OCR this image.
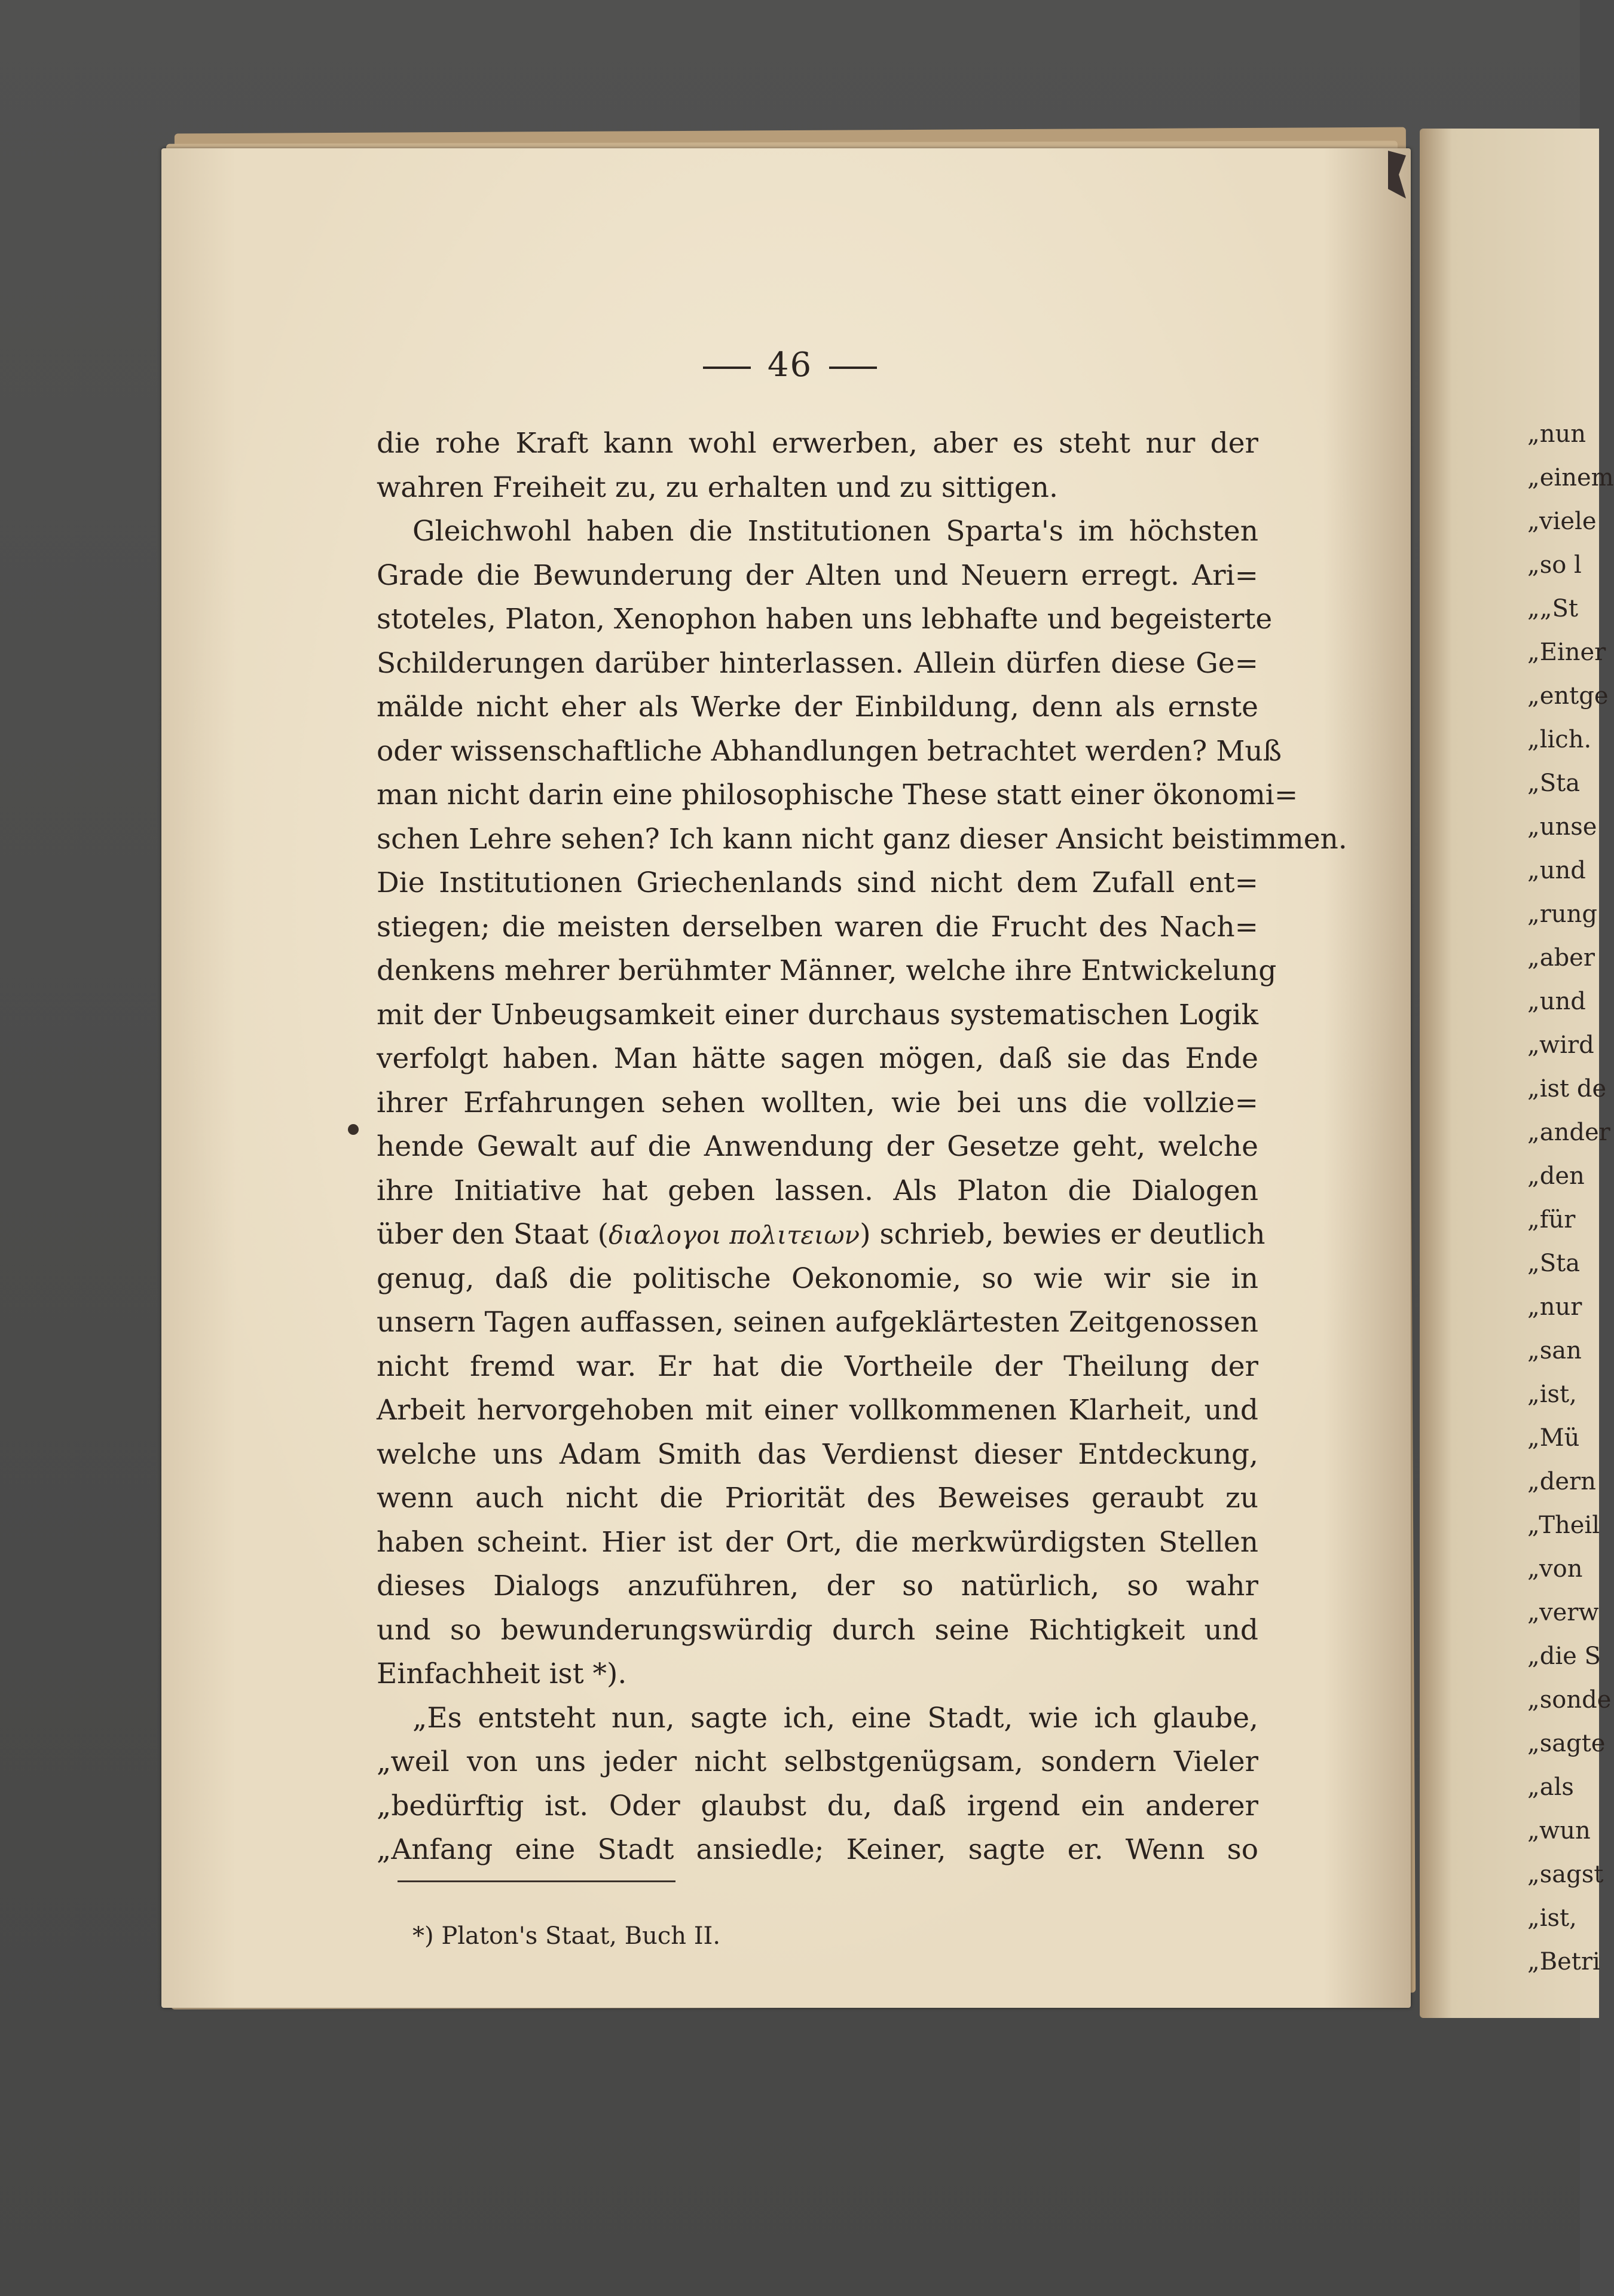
„nun
„einem
„viele
„so l
„„St
„Einer
„entge
„lich.
„Sta
„unse
„und
„rung
„aber
„und
„wird
„ist de
„ander
„den
„für
„Sta
„nur
„san
„ist,
„Mü
„dern
„Theil
„von
„verw
„die S
„sonde
„sagte
„als
„wun
„sagst
„ist,
„Betri
46
die rohe Kraft kann wohl erwerben, aber es steht nur der
wahren Freiheit zu, zu erhalten und zu sittigen.
Gleichwohl haben die Institutionen Sparta's im höchsten
Grade die Bewunderung der Alten und Neuern erregt. Ari=
stoteles, Platon, Xenophon haben uns lebhafte und begeisterte
Schilderungen darüber hinterlassen. Allein dürfen diese Ge=
mälde nicht eher als Werke der Einbildung, denn als ernste
oder wissenschaftliche Abhandlungen betrachtet werden? Muß
man nicht darin eine philosophische These statt einer ökonomi=
schen Lehre sehen? Ich kann nicht ganz dieser Ansicht beistimmen.
Die Institutionen Griechenlands sind nicht dem Zufall ent=
stiegen; die meisten derselben waren die Frucht des Nach=
denkens mehrer berühmter Männer, welche ihre Entwickelung
mit der Unbeugsamkeit einer durchaus systematischen Logik
verfolgt haben. Man hätte sagen mögen, daß sie das Ende
ihrer Erfahrungen sehen wollten, wie bei uns die vollzie=
hende Gewalt auf die Anwendung der Gesetze geht, welche
ihre Initiative hat geben lassen. Als Platon die Dialogen
über den Staat (διαλογοι πολιτειων) schrieb, bewies er deutlich
genug, daß die politische Oekonomie, so wie wir sie in
unsern Tagen auffassen, seinen aufgeklärtesten Zeitgenossen
nicht fremd war. Er hat die Vortheile der Theilung der
Arbeit hervorgehoben mit einer vollkommenen Klarheit, und
welche uns Adam Smith das Verdienst dieser Entdeckung,
wenn auch nicht die Priorität des Beweises geraubt zu
haben scheint. Hier ist der Ort, die merkwürdigsten Stellen
dieses Dialogs anzuführen, der so natürlich, so wahr
und so bewunderungswürdig durch seine Richtigkeit und
Einfachheit ist *).
„Es entsteht nun, sagte ich, eine Stadt, wie ich glaube,
„weil von uns jeder nicht selbstgenügsam, sondern Vieler
„bedürftig ist. Oder glaubst du, daß irgend ein anderer
„Anfang eine Stadt ansiedle; Keiner, sagte er. Wenn so
*) Platon's Staat, Buch II.
